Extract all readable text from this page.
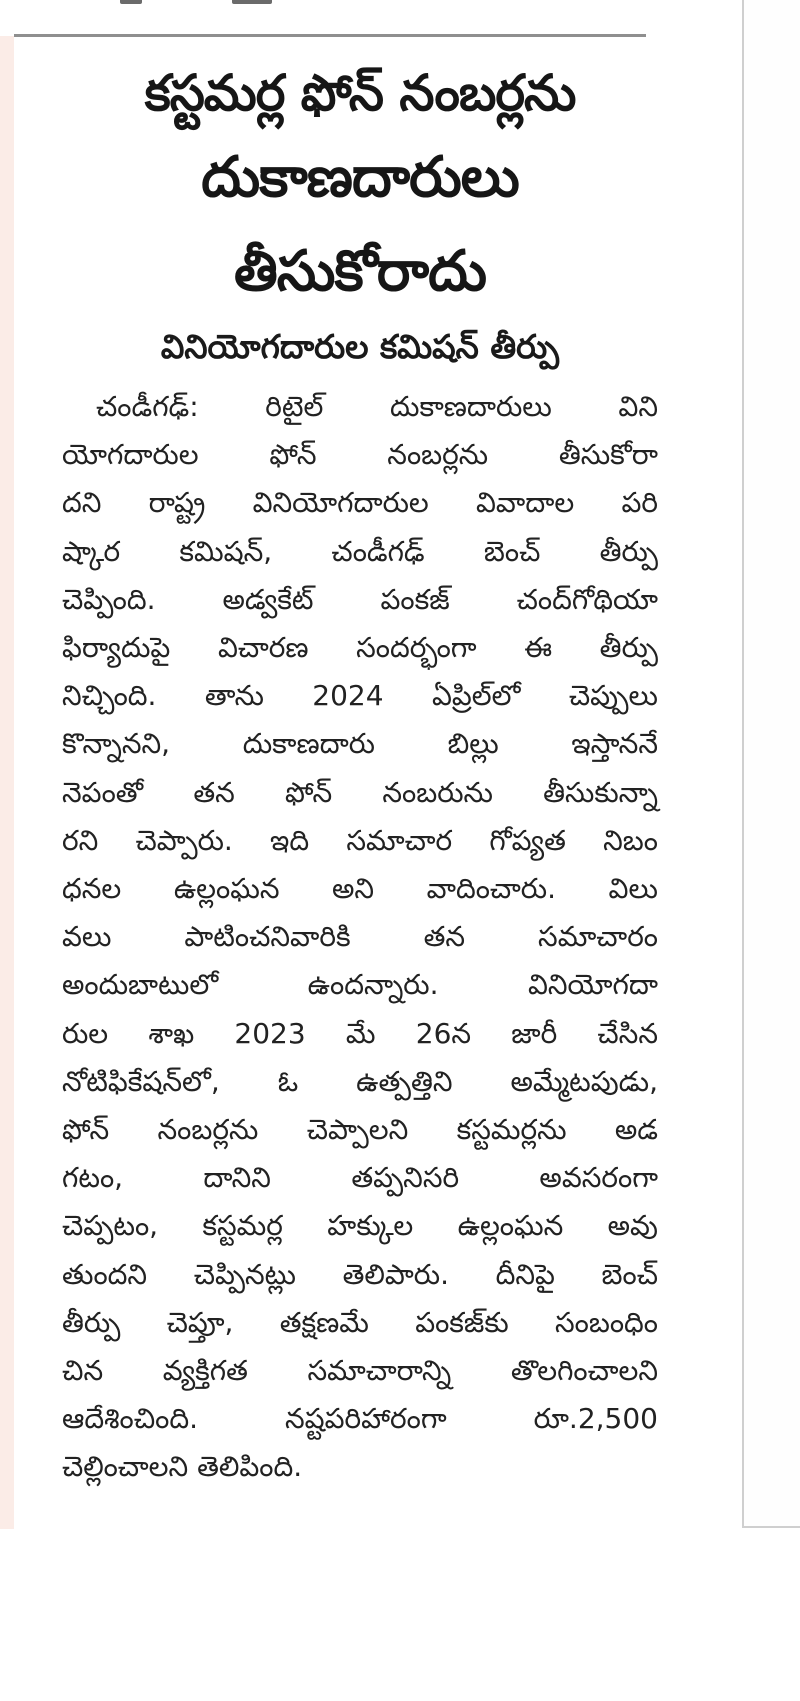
కస్టమర్ల ఫోన్ నంబర్లను
దుకాణదారులు
తీసుకోరాదు
వినియోగదారుల కమిషన్ తీర్పు
చండీగఢ్: రిటైల్ దుకాణదారులు విని
యోగదారుల ఫోన్ నంబర్లను తీసుకోరా
దని రాష్ట్ర వినియోగదారుల వివాదాల పరి
ష్కార కమిషన్, చండీగఢ్ బెంచ్ తీర్పు
చెప్పింది. అడ్వకేట్ పంకజ్ చంద్‌గోథియా
ఫిర్యాదుపై విచారణ సందర్భంగా ఈ తీర్పు
నిచ్చింది. తాను 2024 ఏప్రిల్‌లో చెప్పులు
కొన్నానని, దుకాణదారు బిల్లు ఇస్తాననే
నెపంతో తన ఫోన్ నంబరును తీసుకున్నా
రని చెప్పారు. ఇది సమాచార గోప్యత నిబం
ధనల ఉల్లంఘన అని వాదించారు. విలు
వలు పాటించనివారికి తన సమాచారం
అందుబాటులో ఉందన్నారు. వినియోగదా
రుల శాఖ 2023 మే 26న జారీ చేసిన
నోటిఫికేషన్‌లో, ఓ ఉత్పత్తిని అమ్మేటపుడు,
ఫోన్ నంబర్లను చెప్పాలని కస్టమర్లను అడ
గటం, దానిని తప్పనిసరి అవసరంగా
చెప్పటం, కస్టమర్ల హక్కుల ఉల్లంఘన అవు
తుందని చెప్పినట్లు తెలిపారు. దీనిపై బెంచ్
తీర్పు చెప్తూ, తక్షణమే పంకజ్‌కు సంబంధిం
చిన వ్యక్తిగత సమాచారాన్ని తొలగించాలని
ఆదేశించింది. నష్టపరిహారంగా రూ.2,500
చెల్లించాలని తెలిపింది.
